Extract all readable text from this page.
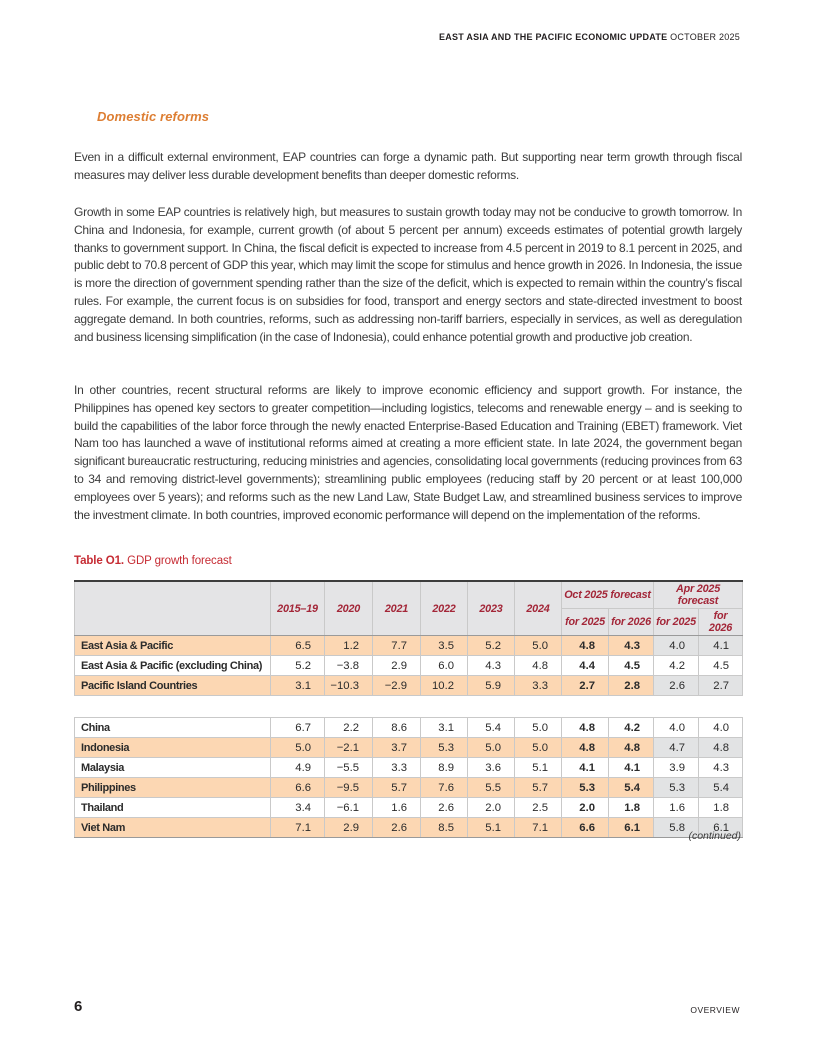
EAST ASIA AND THE PACIFIC ECONOMIC UPDATE OCTOBER 2025
Domestic reforms

Even in a difficult external environment, EAP countries can forge a dynamic path. But supporting near term growth through fiscal measures may deliver less durable development benefits than deeper domestic reforms.

Growth in some EAP countries is relatively high, but measures to sustain growth today may not be conducive to growth tomorrow. In China and Indonesia, for example, current growth (of about 5 percent per annum) exceeds estimates of potential growth largely thanks to government support. In China, the fiscal deficit is expected to increase from 4.5 percent in 2019 to 8.1 percent in 2025, and public debt to 70.8 percent of GDP this year, which may limit the scope for stimulus and hence growth in 2026. In Indonesia, the issue is more the direction of government spending rather than the size of the deficit, which is expected to remain within the country’s fiscal rules. For example, the current focus is on subsidies for food, transport and energy sectors and state-directed investment to boost aggregate demand. In both countries, reforms, such as addressing non-tariff barriers, especially in services, as well as deregulation and business licensing simplification (in the case of Indonesia), could enhance potential growth and productive job creation.

In other countries, recent structural reforms are likely to improve economic efficiency and support growth. For instance, the Philippines has opened key sectors to greater competition—including logistics, telecoms and renewable energy – and is seeking to build the capabilities of the labor force through the newly enacted Enterprise-Based Education and Training (EBET) framework. Viet Nam too has launched a wave of institutional reforms aimed at creating a more efficient state. In late 2024, the government began significant bureaucratic restructuring, reducing ministries and agencies, consolidating local governments (reducing provinces from 63 to 34 and removing district-level governments); streamlining public employees (reducing staff by 20 percent or at least 100,000 employees over 5 years); and reforms such as the new Land Law, State Budget Law, and streamlined business services to improve the investment climate. In both countries, improved economic performance will depend on the implementation of the reforms.

Table O1. GDP growth forecast
	2015–19	2020	2021	2022	2023	2024	Oct 2025 forecast		Apr 2025 forecast	
							for 2025	for 2026	for 2025	for 2026
East Asia & Pacific	6.5	1.2	7.7	3.5	5.2	5.0	4.8	4.3	4.0	4.1
East Asia & Pacific (excluding China)	5.2	−3.8	2.9	6.0	4.3	4.8	4.4	4.5	4.2	4.5
Pacific Island Countries	3.1	−10.3	−2.9	10.2	5.9	3.3	2.7	2.8	2.6	2.7

China	6.7	2.2	8.6	3.1	5.4	5.0	4.8	4.2	4.0	4.0
Indonesia	5.0	−2.1	3.7	5.3	5.0	5.0	4.8	4.8	4.7	4.8
Malaysia	4.9	−5.5	3.3	8.9	3.6	5.1	4.1	4.1	3.9	4.3
Philippines	6.6	−9.5	5.7	7.6	5.5	5.7	5.3	5.4	5.3	5.4
Thailand	3.4	−6.1	1.6	2.6	2.0	2.5	2.0	1.8	1.6	1.8
Viet Nam	7.1	2.9	2.6	8.5	5.1	7.1	6.6	6.1	5.8	6.1
(continued)
6	OVERVIEW
